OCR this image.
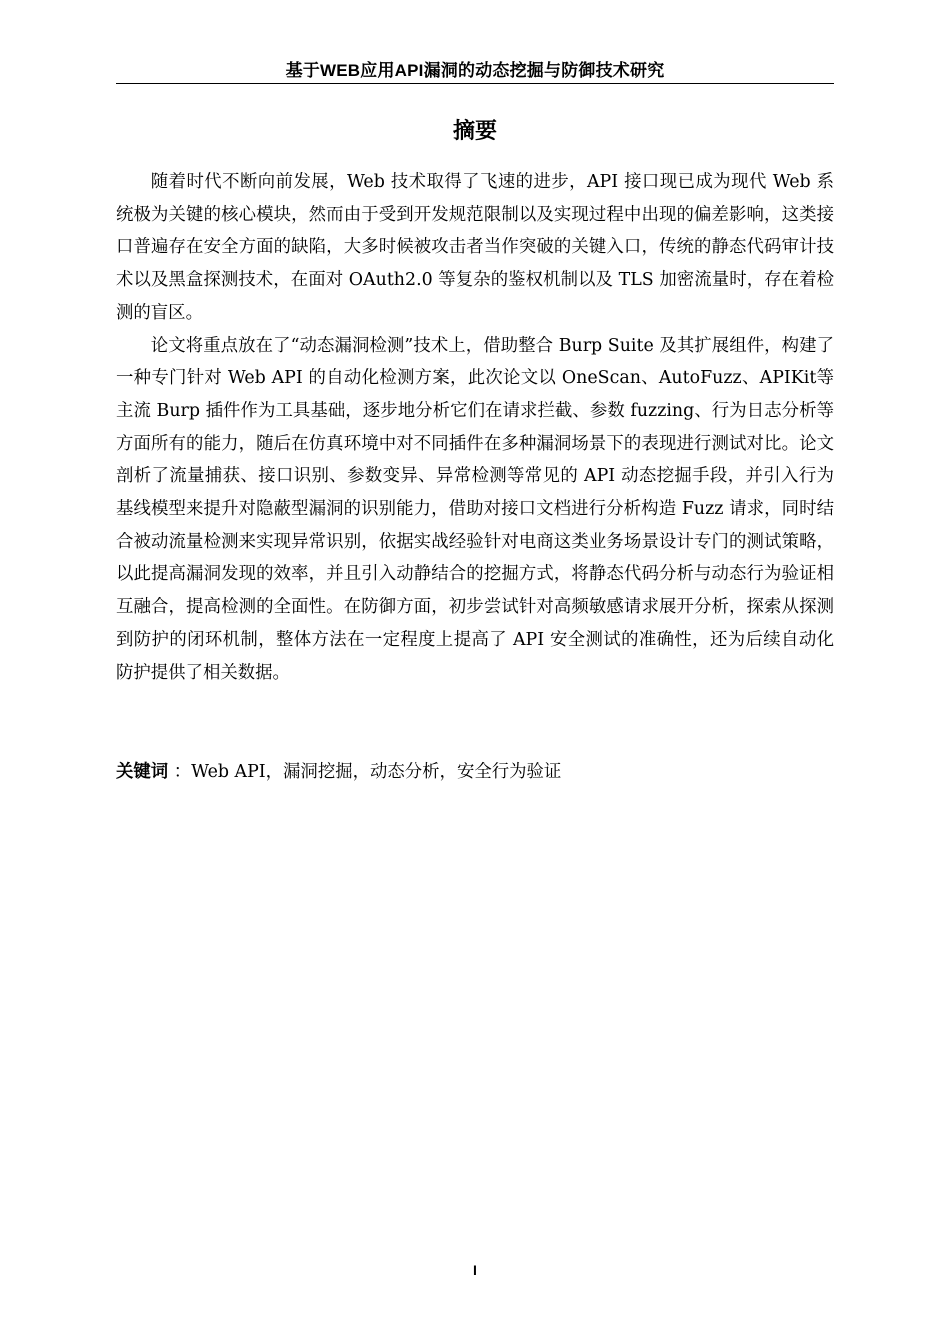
基于WEB应用API漏洞的动态挖掘与防御技术研究
摘要

随着时代不断向前发展，Web 技术取得了飞速的进步，API 接口现已成为现代 Web 系统极为关键的核心模块，然而由于受到开发规范限制以及实现过程中出现的偏差影响，这类接口普遍存在安全方面的缺陷，大多时候被攻击者当作突破的关键入口，传统的静态代码审计技术以及黑盒探测技术，在面对 OAuth2.0 等复杂的鉴权机制以及 TLS 加密流量时，存在着检测的盲区。

论文将重点放在了“动态漏洞检测”技术上，借助整合 Burp Suite 及其扩展组件，构建了一种专门针对 Web API 的自动化检测方案，此次论文以 OneScan、AutoFuzz、APIKit等主流 Burp 插件作为工具基础，逐步地分析它们在请求拦截、参数 fuzzing、行为日志分析等方面所有的能力，随后在仿真环境中对不同插件在多种漏洞场景下的表现进行测试对比。论文剖析了流量捕获、接口识别、参数变异、异常检测等常见的 API 动态挖掘手段，并引入行为基线模型来提升对隐蔽型漏洞的识别能力，借助对接口文档进行分析构造 Fuzz 请求，同时结合被动流量检测来实现异常识别，依据实战经验针对电商这类业务场景设计专门的测试策略，以此提高漏洞发现的效率，并且引入动静结合的挖掘方式，将静态代码分析与动态行为验证相互融合，提高检测的全面性。在防御方面，初步尝试针对高频敏感请求展开分析，探索从探测到防护的闭环机制，整体方法在一定程度上提高了 API 安全测试的准确性，还为后续自动化防护提供了相关数据。

关键词 ：Web API，漏洞挖掘，动态分析，安全行为验证
I
